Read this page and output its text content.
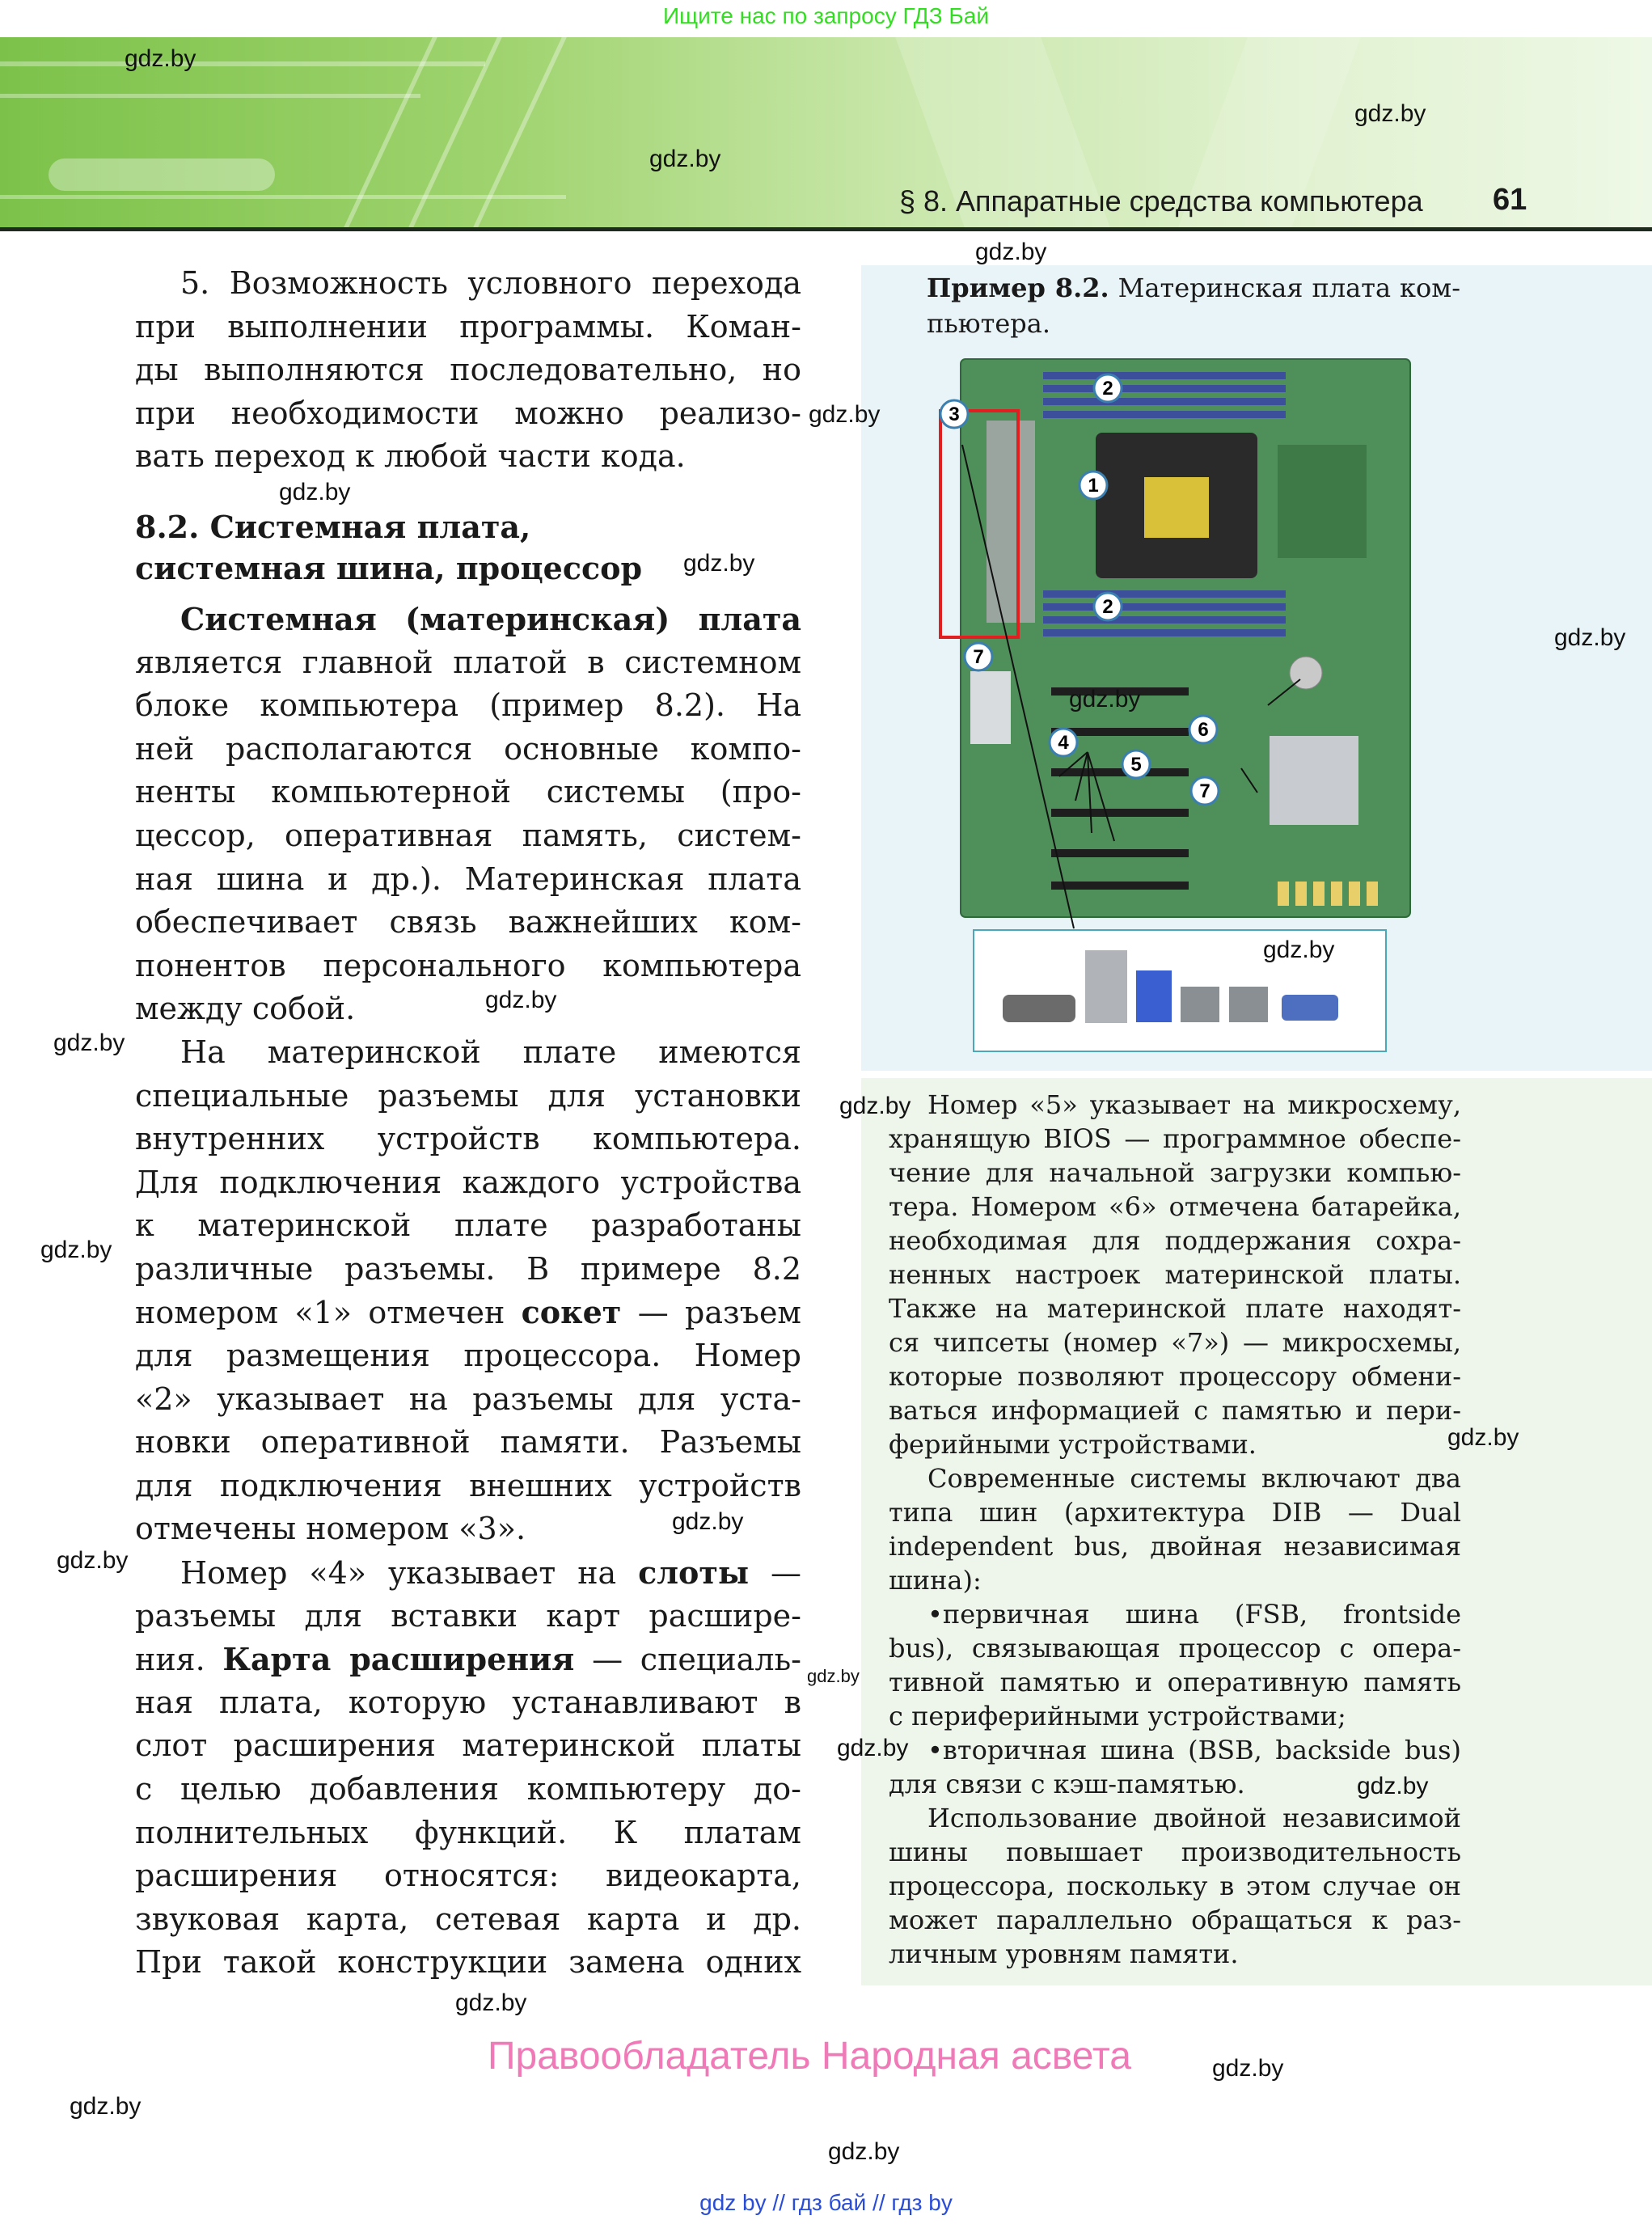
Ищите нас по запросу ГДЗ Бай
§ 8. Аппаратные средства компьютера 61
5. Возможность условного перехода
при выполнении программы. Коман-
ды выполняются последовательно, но
при необходимости можно реализо-
вать переход к любой части кода.
8.2. Системная плата,
системная шина, процессор
Системная (материнская) плата
является главной платой в системном
блоке компьютера (пример 8.2). На
ней располагаются основные компо-
ненты компьютерной системы (про-
цессор, оперативная память, систем-
ная шина и др.). Материнская плата
обеспечивает связь важнейших ком-
понентов персонального компьютера
между собой.
На материнской плате имеются
специальные разъемы для установки
внутренних устройств компьютера.
Для подключения каждого устройства
к материнской плате разработаны
различные разъемы. В примере 8.2
номером «1» отмечен сокет — разъем
для размещения процессора. Номер
«2» указывает на разъемы для уста-
новки оперативной памяти. Разъемы
для подключения внешних устройств
отмечены номером «3».
Номер «4» указывает на слоты —
разъемы для вставки карт расшире-
ния. Карта расширения — специаль-
ная плата, которую устанавливают в
слот расширения материнской платы
с целью добавления компьютеру до-
полнительных функций. К платам
расширения относятся: видеокарта,
звуковая карта, сетевая карта и др.
При такой конструкции замена одних
Пример 8.2. Материнская плата ком-
пьютера.
1
2
2
3
4
5
6
7
7
Номер «5» указывает на микросхему,
хранящую BIOS — программное обеспе-
чение для начальной загрузки компью-
тера. Номером «6» отмечена батарейка,
необходимая для поддержания сохра-
ненных настроек материнской платы.
Также на материнской плате находят-
ся чипсеты (номер «7») — микросхемы,
которые позволяют процессору обмени-
ваться информацией с памятью и пери-
ферийными устройствами.
Современные системы включают два
типа шин (архитектура DIB — Dual
independent bus, двойная независимая
шина):
•первичная шина (FSB, frontside
bus), связывающая процессор с опера-
тивной памятью и оперативную память
с периферийными устройствами;
•вторичная шина (BSB, backside bus)
для связи с кэш-памятью.
Использование двойной независимой
шины повышает производительность
процессора, поскольку в этом случае он
может параллельно обращаться к раз-
личным уровням памяти.
Правообладатель Народная асвета
gdz by // гдз бай // гдз by
gdz.by
gdz.by
gdz.by
gdz.by
gdz.by
gdz.by
gdz.by
gdz.by
gdz.by
gdz.by
gdz.by
gdz.by
gdz.by
gdz.by
gdz.by
gdz.by
gdz.by
gdz.by
gdz.by
gdz.by
gdz.by
gdz.by
gdz.by
gdz.by
